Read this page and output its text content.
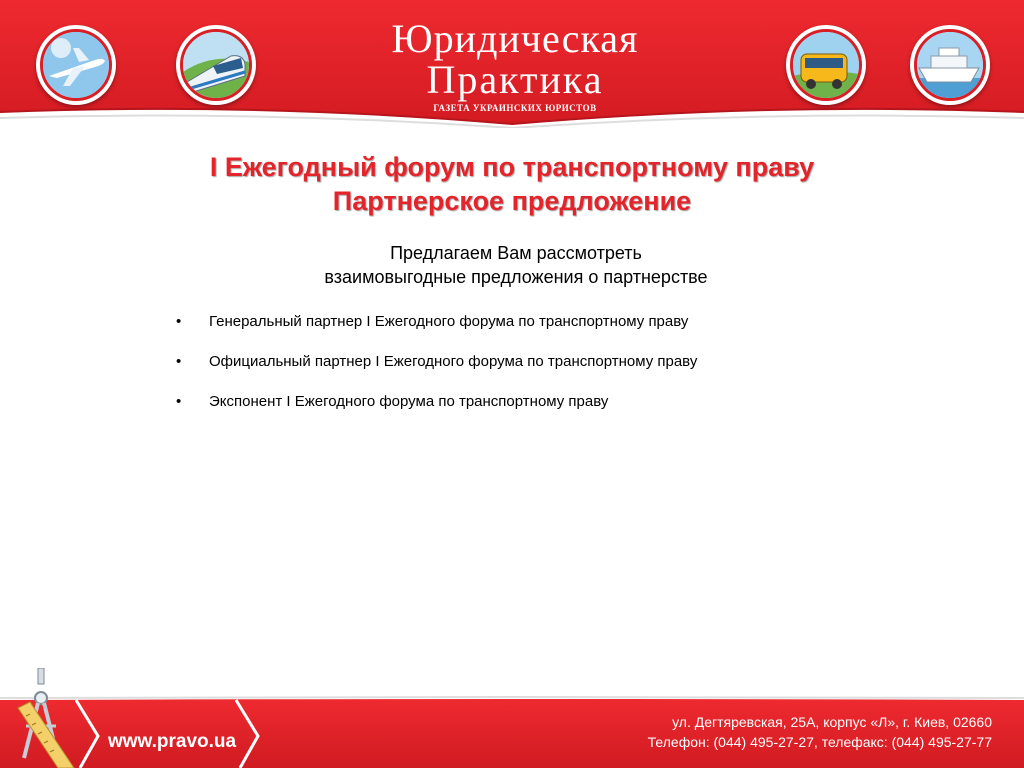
Юридическая
Практика
ГАЗЕТА УКРАИНСКИХ ЮРИСТОВ
I Ежегодный форум по транспортному праву
Партнерское предложение
Предлагаем Вам рассмотреть
взаимовыгодные предложения о партнерстве
• Генеральный партнер I Ежегодного форума по транспортному праву
• Официальный партнер I Ежегодного форума по транспортному праву
• Экспонент I Ежегодного форума по транспортному праву
www.pravo.ua
ул. Дегтяревская, 25А, корпус «Л», г. Киев, 02660
Телефон: (044) 495-27-27, телефакс: (044) 495-27-77
